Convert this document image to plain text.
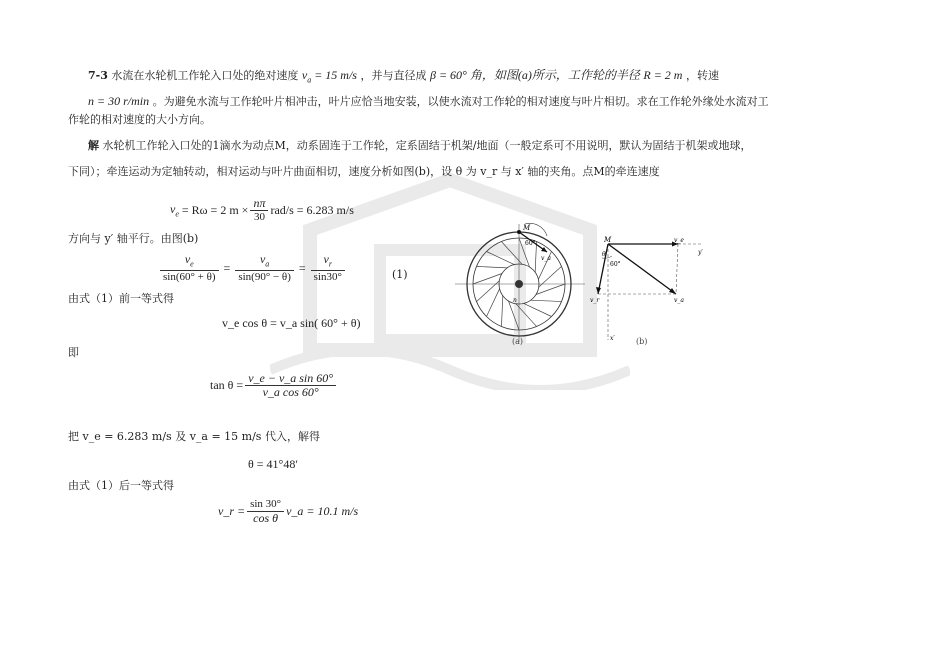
7-3 水流在水轮机工作轮入口处的绝对速度 $v_a = 15$ m/s ，并与直径成 β = 60° 角，如图(a)所示，工作轮的半径 R = 2 m ，转速
n = 30 r/min 。为避免水流与工作轮叶片相冲击，叶片应恰当地安装，以使水流对工作轮的相对速度与叶片相切。求在工作轮外缘处水流对工
作轮的相对速度的大小方向。
解 水轮机工作轮入口处的1滴水为动点M，动系固连于工作轮，定系固结于机架/地面（一般定系可不用说明，默认为固结于机架或地球，
下同）；牵连运动为定轴转动，相对运动与叶片曲面相切，速度分析如图(b)，设 θ 为 v_r 与 x′ 轴的夹角。点M的牵连速度
$v_e$
= Rω = 2 $m \times \frac{n\pi}{30} rad/s = 6.283$ m/s
方向与 y′ 轴平行。由图(b)
$\frac{v_e}{\sin(60^\circ + \theta)} = \frac{v_a}{\sin(90^\circ - \theta)} = \frac{v_r}{\sin 30^\circ}$	(1)
由式（1）前一等式得
v_e cos θ = v_a sin( 60° + θ)
即
$\tan \theta = \frac{\text{v\_e − v\_a sin 60°}}{\text{v\_a cos 60°}}$
把 v_e = 6.283 m/s 及 v_a = 15 m/s 代入，解得
θ = 41°48′
由式（1）后一等式得
v_r = $\frac{\sin 30^\circ}{\text{cos θ}}$ v_a = 10.1 m/s
M
60°
v_a
n
(a)
M	v_e
y′
60°
θ
v_r	v_a
x′	(b)
